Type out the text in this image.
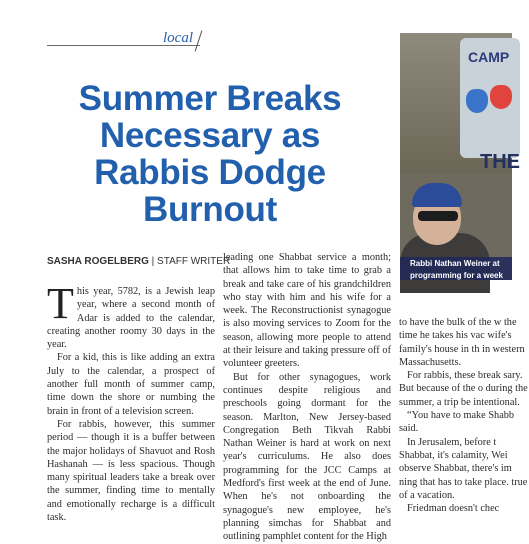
local
Summer Breaks Necessary as Rabbis Dodge Burnout
SASHA ROGELBERG | STAFF WRITER

This year, 5782, is a Jewish leap year, where a second month of Adar is added to the calendar, creating another roomy 30 days in the year.

For a kid, this is like adding an extra July to the calendar, a prospect of another full month of summer camp, time down the shore or numbing the brain in front of a television screen.

For rabbis, however, this summer period — though it is a buffer between the major holidays of Shavuot and Rosh Hashanah — is less spacious. Though many spiritual leaders take a break over the summer, finding time to mentally and emotionally recharge is a difficult task.

leading one Shabbat service a month; that allows him to take time to grab a break and take care of his grandchildren who stay with him and his wife for a week. The Reconstructionist synagogue is also moving services to Zoom for the season, allowing more people to attend at their leisure and taking pressure off of volunteer greeters.

But for other synagogues, work continues despite religious and preschools going dormant for the season. Marlton, New Jersey-based Congregation Beth Tikvah Rabbi Nathan Weiner is hard at work on next year's curriculums. He also does programming for the JCC Camps at Medford's first week at the end of June. When he's not onboarding the synagogue's new employee, he's planning simchas for Shabbat and outlining pamphlet content for the High

to have the bulk of the w the time he takes his vac wife's family's house in th in western Massachusetts.

For rabbis, these break sary. But because of the o during the summer, a trip be intentional.

“You have to make Shabb said.

In Jerusalem, before t Shabbat, it's calamity, Wei observe Shabbat, there's im ning that has to take place. true of a vacation.

Friedman doesn't chec

CAMP
THE
Rabbi Nathan Weiner at
programming for a week
